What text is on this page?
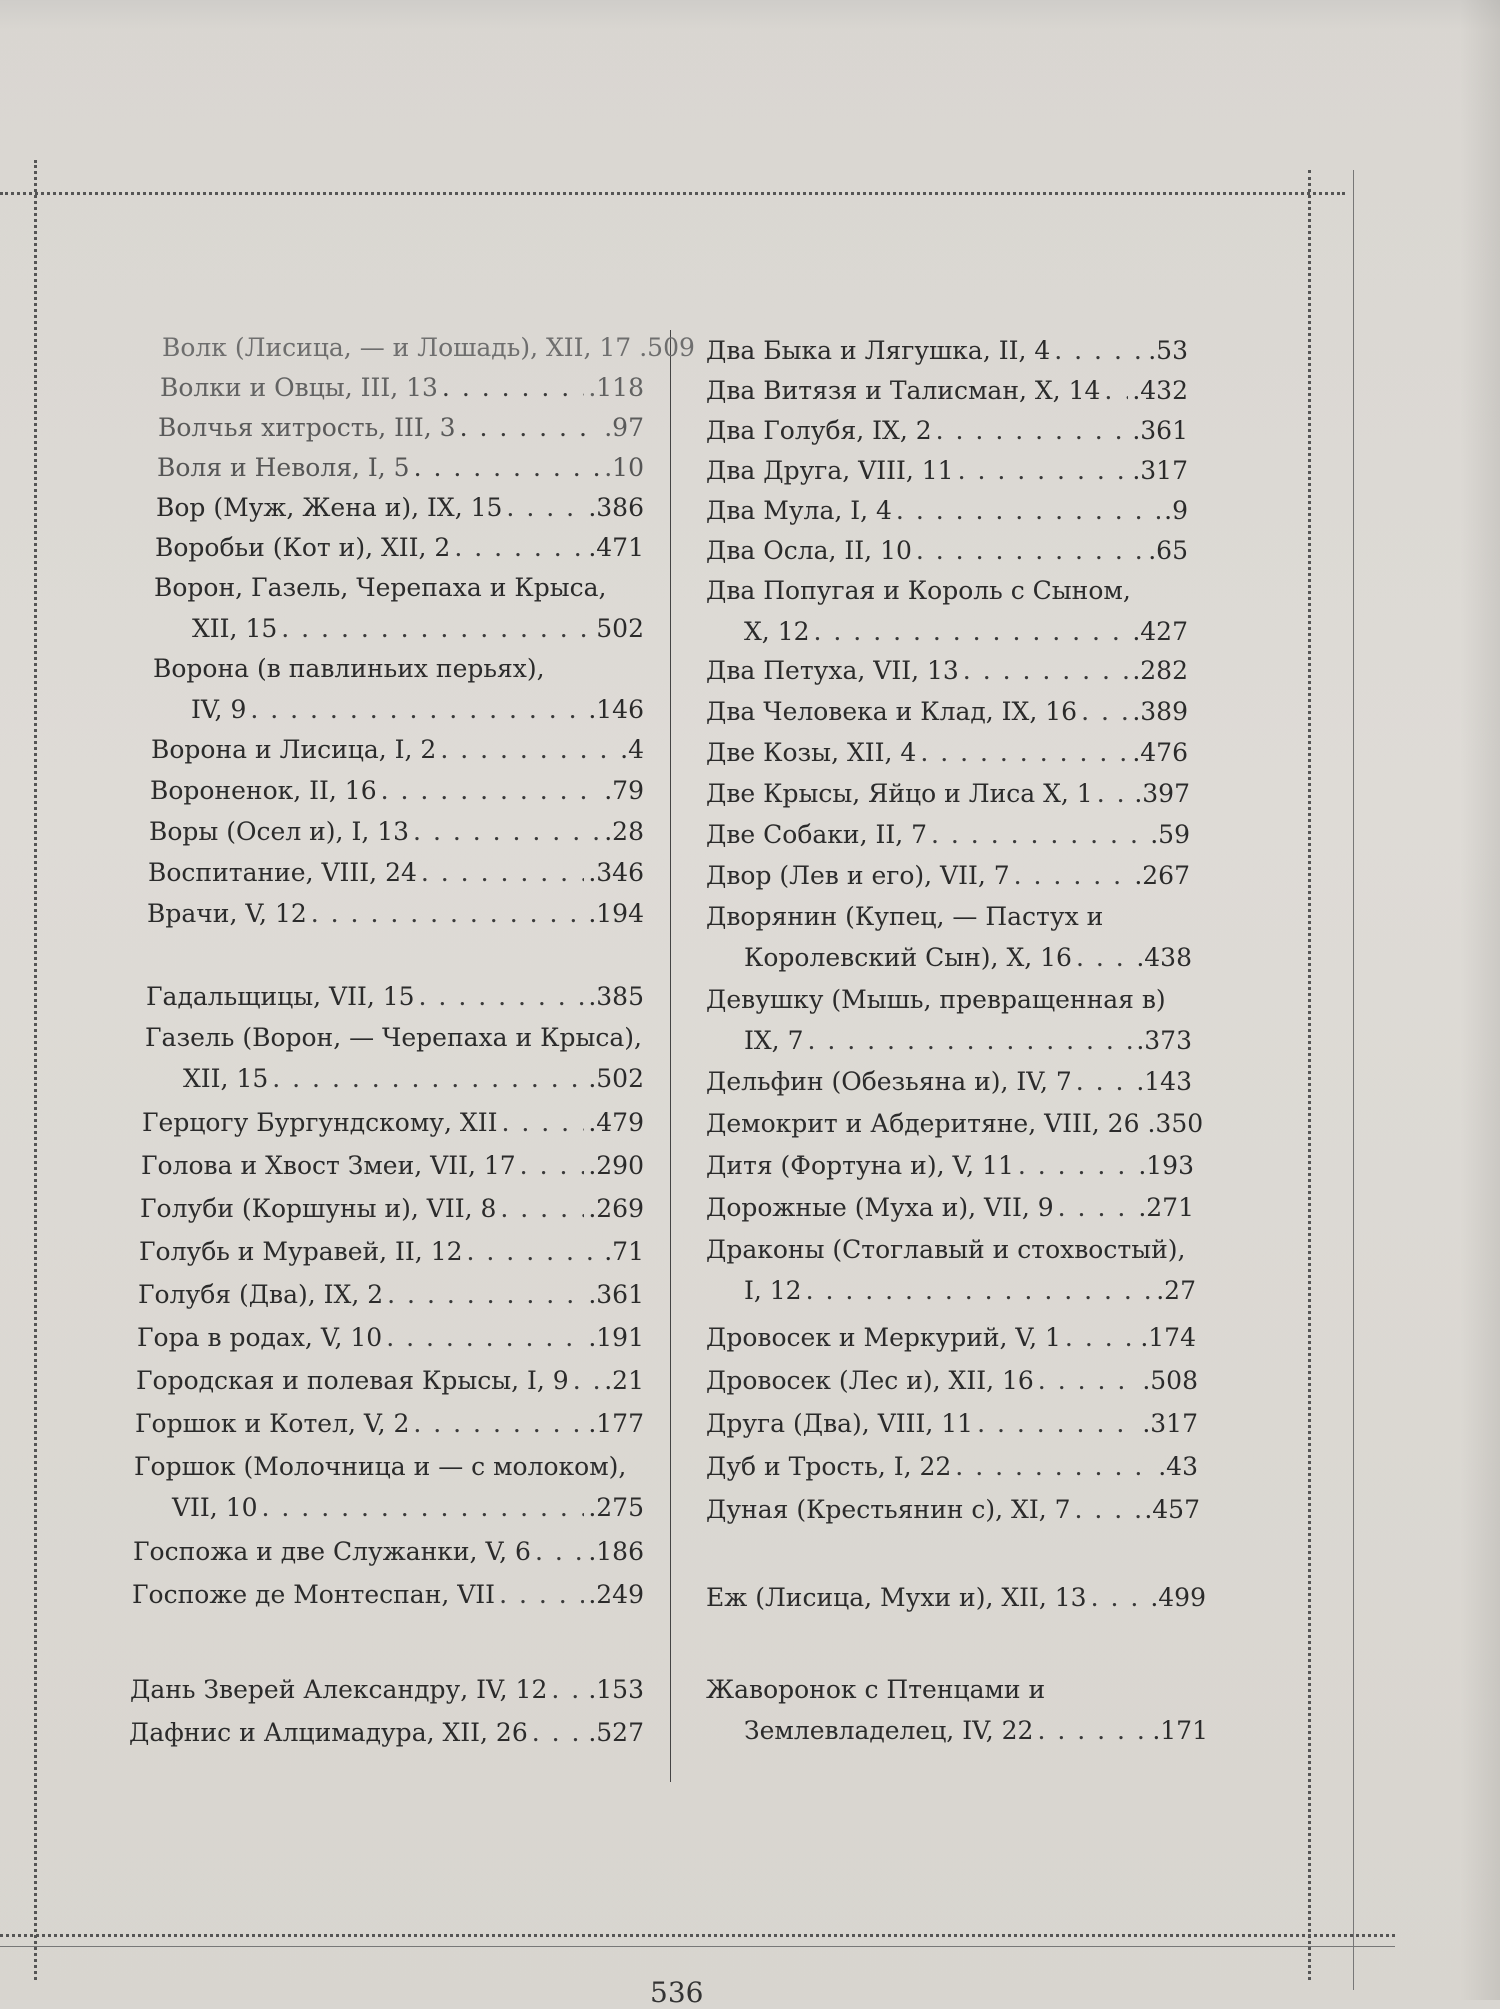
Волк (Лисица, — и Лошадь), XII, 17 .509
Волки и Овцы, III, 13 . . .	.118
Волчья хитрость, III, 3 . . .	.97
Воля и Неволя, I, 5 . . .	.10
Вор (Муж, Жена и), IX, 15 . . .	.386
Воробьи (Кот и), XII, 2 . . .	.471
Ворон, Газель, Черепаха и Крыса,
XII, 15 . . .	502
Ворона (в павлиньих перьях),
IV, 9 . . .	.146
Ворона и Лисица, I, 2 . . .	.4
Вороненок, II, 16 . . .	.79
Воры (Осел и), I, 13 . . .	.28
Воспитание, VIII, 24 . . .	.346
Врачи, V, 12 . . .	.194
Гадальщицы, VII, 15 . . .	.385
Газель (Ворон, — Черепаха и Крыса),
XII, 15 . . .	.502
Герцогу Бургундскому, XII . . .	.479
Голова и Хвост Змеи, VII, 17 . . .	.290
Голуби (Коршуны и), VII, 8 . . .	.269
Голубь и Муравей, II, 12 . . .	.71
Голубя (Два), IX, 2 . . .	.361
Гора в родах, V, 10 . . .	.191
Городская и полевая Крысы, I, 9 . . . .21
Горшок и Котел, V, 2 . . .	.177
Горшок (Молочница и — с молоком),
VII, 10 . . .	.275
Госпожа и две Служанки, V, 6 . . . .186
Госпоже де Монтеспан, VII . . .	.249
Дань Зверей Александру, IV, 12 . . . .153
Дафнис и Алцимадура, XII, 26 . . . .527
Два Быка и Лягушка, II, 4 . . .	.53
Два Витязя и Талисман, X, 14 . . . .432
Два Голубя, IX, 2 . . .	.361
Два Друга, VIII, 11 . . .	.317
Два Мула, I, 4 . . .	.9
Два Осла, II, 10 . . .	.65
Два Попугая и Король с Сыном,
X, 12 . . .	.427
Два Петуха, VII, 13 . . .	.282
Два Человека и Клад, IX, 16 . . . .389
Две Козы, XII, 4 . . .	.476
Две Крысы, Яйцо и Лиса X, 1 . . . .397
Две Собаки, II, 7 . . .	.59
Двор (Лев и его), VII, 7 . . .	.267
Дворянин (Купец, — Пастух и
Королевский Сын), X, 16 . . .	.438
Девушку (Мышь, превращенная в)
IX, 7 . . .	.373
Дельфин (Обезьяна и), IV, 7 . . .	.143
Демокрит и Абдеритяне, VIII, 26 .350
Дитя (Фортуна и), V, 11 . . .	.193
Дорожные (Муха и), VII, 9 . . .	.271
Драконы (Стоглавый и стохвостый),
I, 12 . . .	.27
Дровосек и Меркурий, V, 1 . . .	.174
Дровосек (Лес и), XII, 16 . . .	.508
Друга (Два), VIII, 11 . . .	.317
Дуб и Трость, I, 22 . . .	.43
Дуная (Крестьянин с), XI, 7 . . .	.457
Еж (Лисица, Мухи и), XII, 13 . . .	.499
Жаворонок с Птенцами и
Землевладелец, IV, 22 . . .	.171
536
